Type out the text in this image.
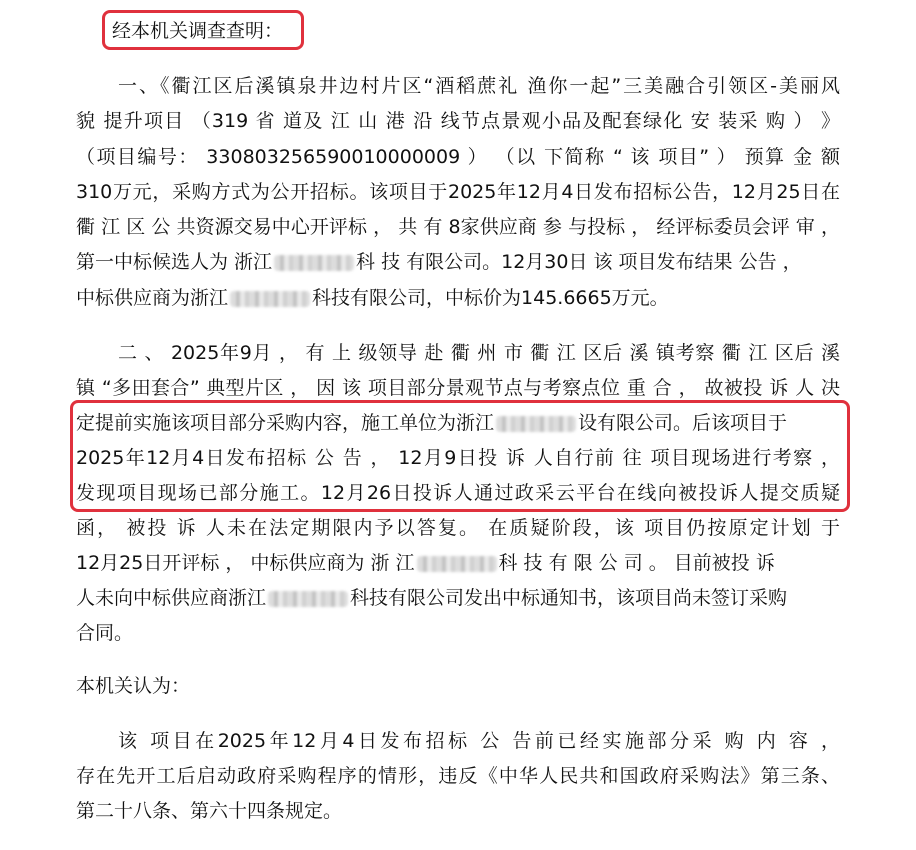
经本机关调查查明：
一、《衢江区后溪镇泉井边村片区“酒稻蔗礼 渔你一起”三美融合引领区-美丽风
貌 提升项目 （319 省 道及 江 山 港 沿 线节点景观小品及配套绿化 安 装采 购 ） 》
（项目编号： 330803256590010000009 ） （以 下简称 “ 该 项目” ） 预算 金 额
310万元，采购方式为公开招标。该项目于2025年12月4日发布招标公告，12月25日在
衢 江 区 公 共资源交易中心开评标 ， 共 有 8家供应商 参 与投标 ， 经评标委员会评 审 ，
第一中标候选人为 浙江	科 技 有限公司。12月30日 该 项目发布结果 公告 ，
中标供应商为浙江	科技有限公司，中标价为145.6665万元。
二 、 2025年9月 ， 有 上 级领导 赴 衢 州 市 衢 江 区后 溪 镇考察 衢 江 区后 溪
镇 “多田套合” 典型片区 ， 因 该 项目部分景观节点与考察点位 重 合 ， 故被投 诉 人 决
定提前实施该项目部分采购内容，施工单位为浙江	设有限公司。后该项目于
2025年12月4日发布招标 公 告 ， 12月9日投 诉 人自行前 往 项目现场进行考察 ，
发现项目现场已部分施工。12月26日投诉人通过政采云平台在线向被投诉人提交质疑
函， 被投 诉 人未在法定期限内予以答复。 在质疑阶段，该 项目仍按原定计划 于
12月25日开评标 ， 中标供应商为 浙 江	科 技 有 限 公 司 。 目前被投 诉
人未向中标供应商浙江	科技有限公司发出中标通知书，该项目尚未签订采购
合同。
本机关认为：
该 项目在2025年12月4日发布招标 公 告前已经实施部分采 购 内 容 ，
存在先开工后启动政府采购程序的情形，违反《中华人民共和国政府采购法》第三条、
第二十八条、第六十四条规定。
